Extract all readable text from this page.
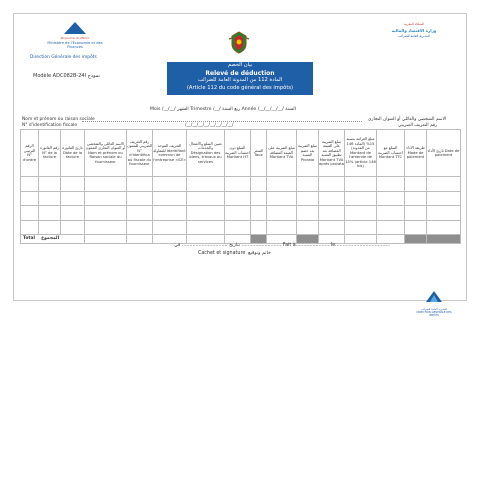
Royaume du Maroc
Ministère de l'Economie et des Finances
Direction Générale des impôts
المملكة المغربية
وزارة الاقتصاد والمالية
المديرية العامة للضرائب
Modèle ADC082B-24I نموذج
بيان الخصم
Relevé de déduction
المادة 112 من المدونة العامة للضرائب
(Article 112 du code général des impôts)
Mois /__/__/ الشهر Trimestre /__/ ربع السنة Année /__/__/__/__/ السنة
Nom et prénom ou raison sociale	الاسم الشخصي والعائلي أو العنوان التجاري
N° d'identification fiscale	/__/__/__/__/__/__/__/__/	رقم التعريف الضريبي
الرقم الترتيبي N° d'ordre	رقم الفاتورة N° de la facture	تاريخ الفاتورة Date de la facture	الاسم العائلي والشخصي أو العنوان التجاري للممون Nom et prénom ou Raison sociale du fournisseur	رقم التعريف الضريبي للممون N° d'identifica ou fiscale du fournisseur	التعريف الموحد للمقاولة Identifiant commun de l'entreprise «ICE»	تعيين السلع والأشغال والخدمات Désignation des biens, travaux ou services	المبلغ دون احتساب الضريبة Montant HT	السعر Taux	مبلغ الضريبة على القيمة المضافة Montant TVA	مبلغ الضريبة بعد خصم النسبة Prorata	مبلغ الضريبة على القيمة المضافة بعد تطبيق النسبة Montant TVA après prorata	مبلغ الغرامة بنسبة 15% (المادة 146 من المدونة) Montant de l'amende de 15% (article 146 bis)	المبلغ مع احتساب الضريبة Montant TTC	طريقة الأداء Mode de paiement	تاريخ الأداء Date de paiement

Total المجموع															
بتاريخ .............................. في .......................... Fait à.......................le....................................
Cachet et signature خاتم وتوقيع
المديرية العامة للضرائب DIRECTION GÉNÉRALE DES IMPÔTS
